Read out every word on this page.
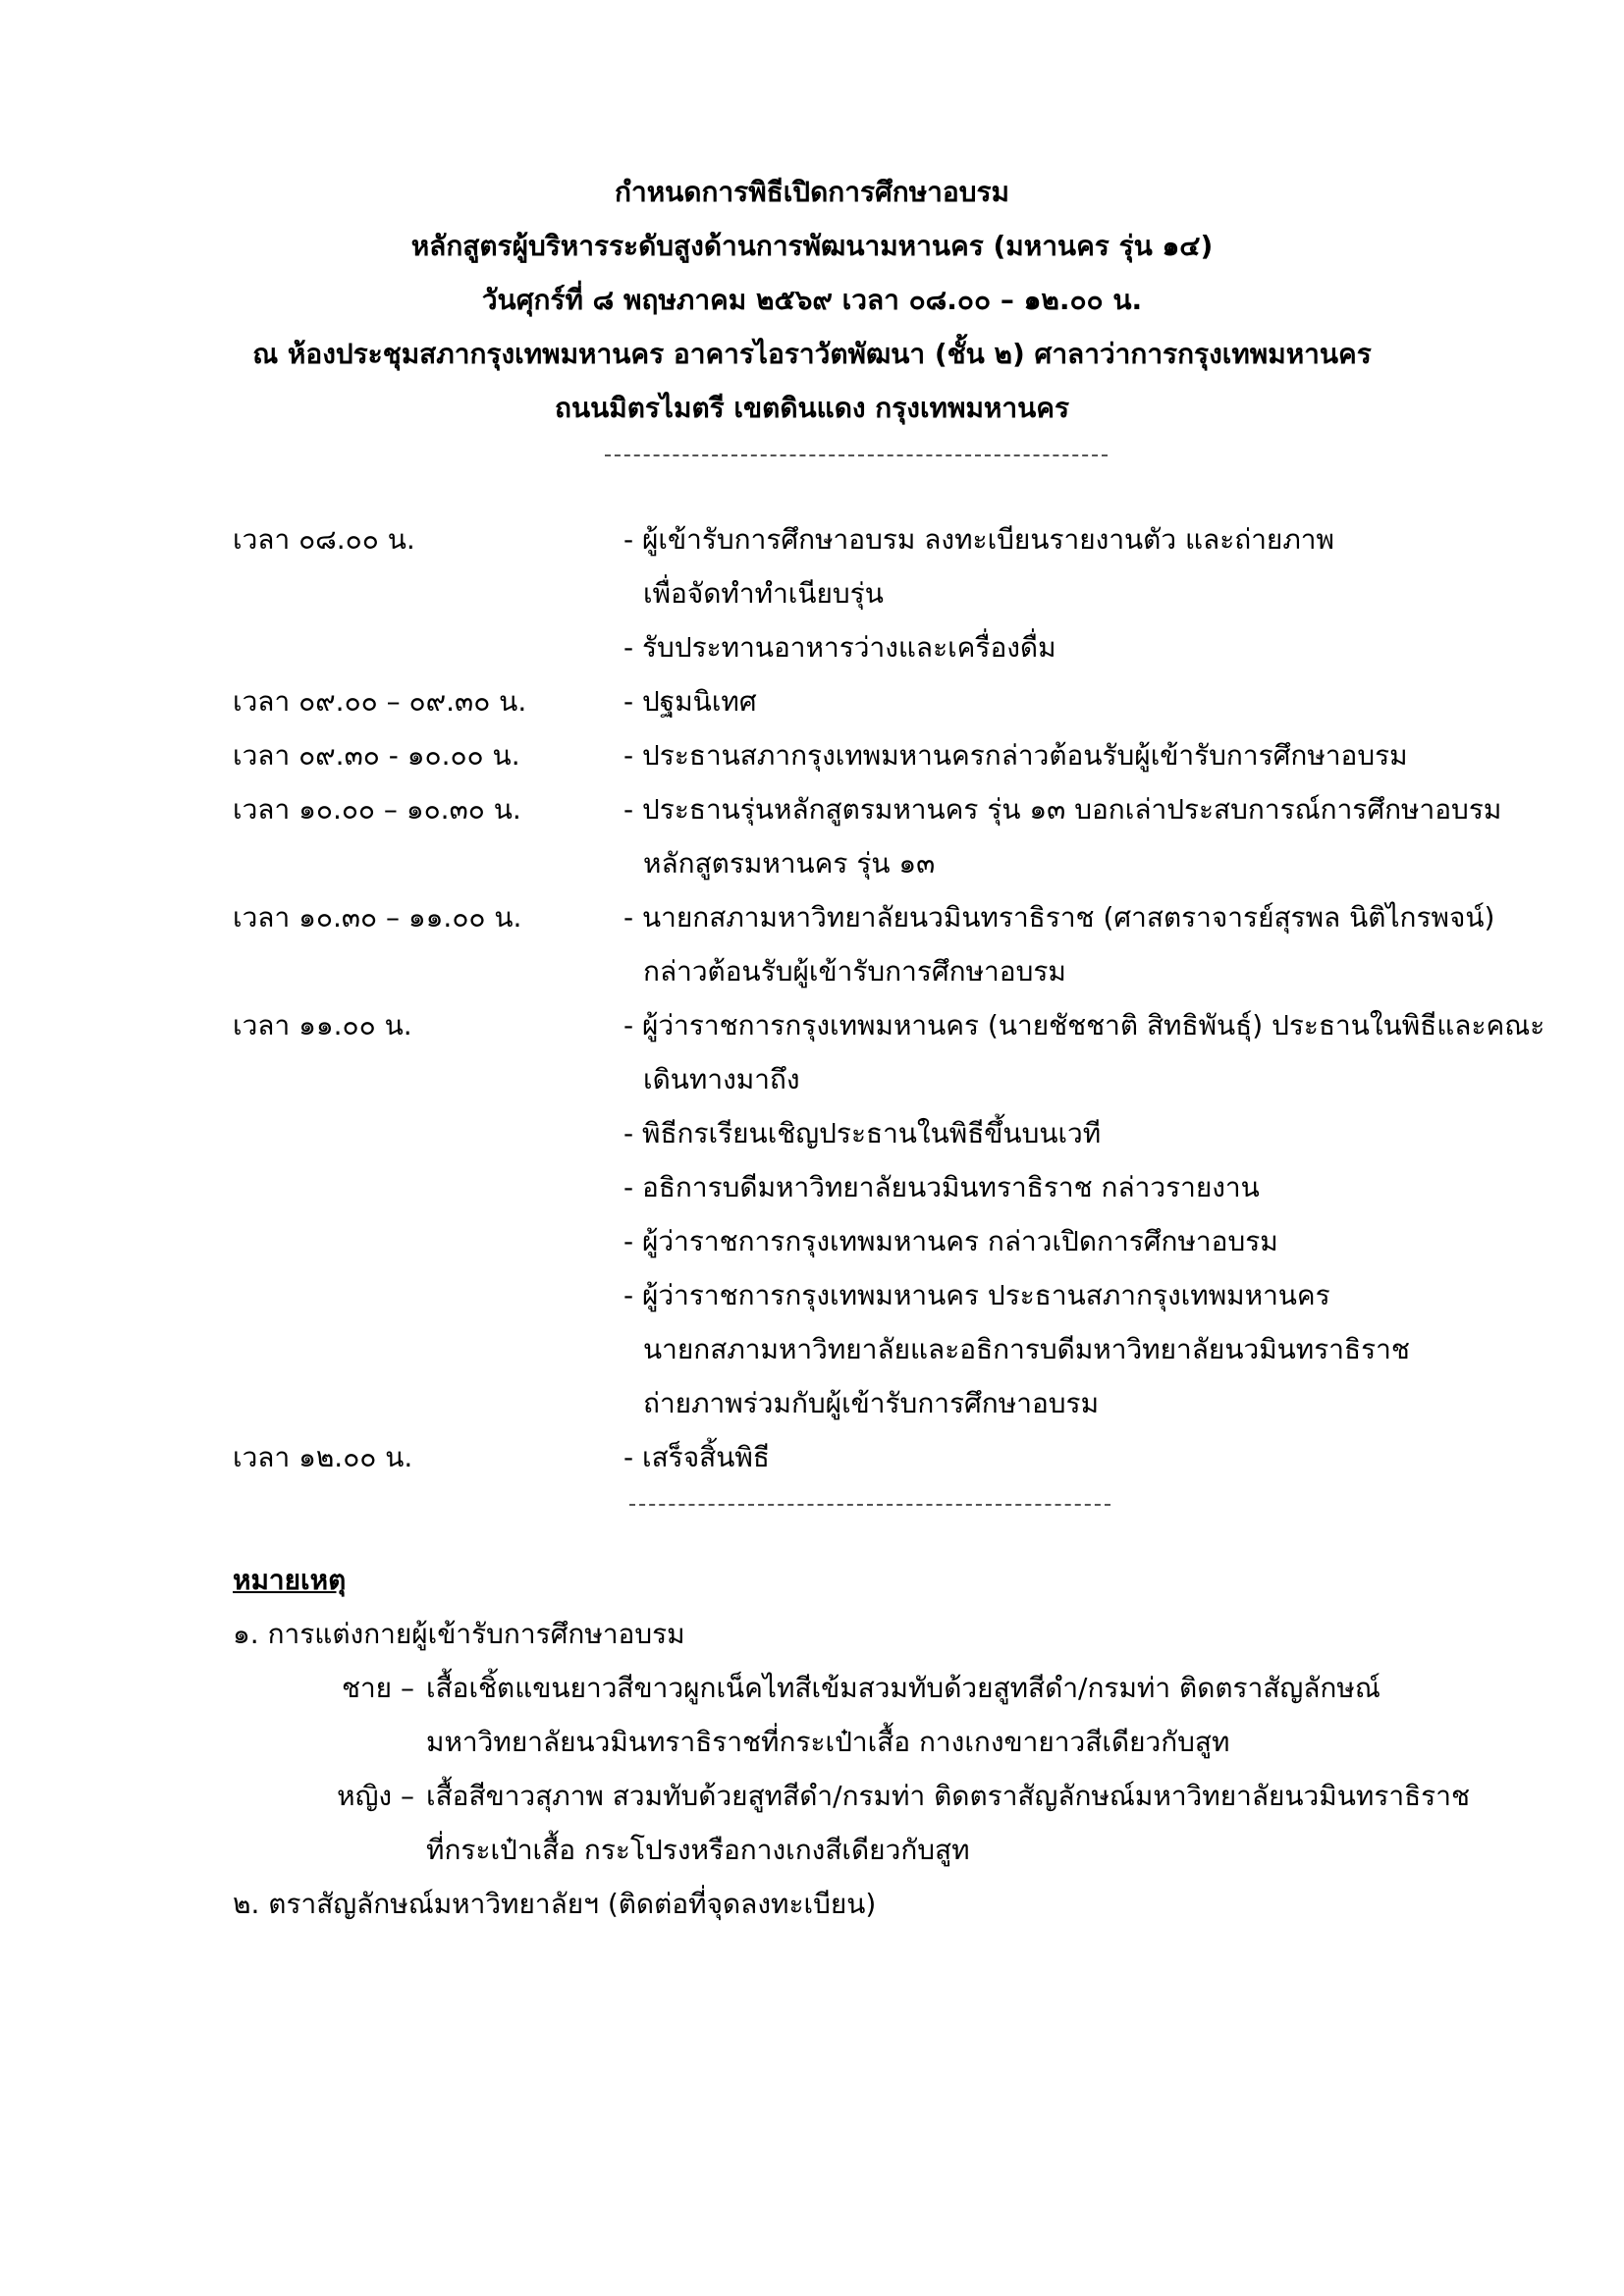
กำหนดการพิธีเปิดการศึกษาอบรม
หลักสูตรผู้บริหารระดับสูงด้านการพัฒนามหานคร (มหานคร รุ่น ๑๔)
วันศุกร์ที่ ๘ พฤษภาคม ๒๕๖๙ เวลา ๐๘.๐๐ – ๑๒.๐๐ น.
ณ ห้องประชุมสภากรุงเทพมหานคร อาคารไอราวัตพัฒนา (ชั้น ๒) ศาลาว่าการกรุงเทพมหานคร
ถนนมิตรไมตรี เขตดินแดง กรุงเทพมหานคร
เวลา ๐๘.๐๐ น.	- ผู้เข้ารับการศึกษาอบรม ลงทะเบียนรายงานตัว และถ่ายภาพ
เพื่อจัดทำทำเนียบรุ่น
- รับประทานอาหารว่างและเครื่องดื่ม
เวลา ๐๙.๐๐ – ๐๙.๓๐ น.	- ปฐมนิเทศ
เวลา ๐๙.๓๐ - ๑๐.๐๐ น.	- ประธานสภากรุงเทพมหานครกล่าวต้อนรับผู้เข้ารับการศึกษาอบรม
เวลา ๑๐.๐๐ – ๑๐.๓๐ น.	- ประธานรุ่นหลักสูตรมหานคร รุ่น ๑๓ บอกเล่าประสบการณ์การศึกษาอบรม
หลักสูตรมหานคร รุ่น ๑๓
เวลา ๑๐.๓๐ – ๑๑.๐๐ น.	- นายกสภามหาวิทยาลัยนวมินทราธิราช (ศาสตราจารย์สุรพล นิติไกรพจน์)
กล่าวต้อนรับผู้เข้ารับการศึกษาอบรม
เวลา ๑๑.๐๐ น.	- ผู้ว่าราชการกรุงเทพมหานคร (นายชัชชาติ สิทธิพันธุ์) ประธานในพิธีและคณะ
เดินทางมาถึง
- พิธีกรเรียนเชิญประธานในพิธีขึ้นบนเวที
- อธิการบดีมหาวิทยาลัยนวมินทราธิราช กล่าวรายงาน
- ผู้ว่าราชการกรุงเทพมหานคร กล่าวเปิดการศึกษาอบรม
- ผู้ว่าราชการกรุงเทพมหานคร ประธานสภากรุงเทพมหานคร
นายกสภามหาวิทยาลัยและอธิการบดีมหาวิทยาลัยนวมินทราธิราช
ถ่ายภาพร่วมกับผู้เข้ารับการศึกษาอบรม
เวลา ๑๒.๐๐ น.	- เสร็จสิ้นพิธี
หมายเหตุ
๑. การแต่งกายผู้เข้ารับการศึกษาอบรม
ชาย – เสื้อเชิ้ตแขนยาวสีขาวผูกเน็คไทสีเข้มสวมทับด้วยสูทสีดำ/กรมท่า ติดตราสัญลักษณ์
มหาวิทยาลัยนวมินทราธิราชที่กระเป๋าเสื้อ กางเกงขายาวสีเดียวกับสูท
หญิง – เสื้อสีขาวสุภาพ สวมทับด้วยสูทสีดำ/กรมท่า ติดตราสัญลักษณ์มหาวิทยาลัยนวมินทราธิราช
ที่กระเป๋าเสื้อ กระโปรงหรือกางเกงสีเดียวกับสูท
๒. ตราสัญลักษณ์มหาวิทยาลัยฯ (ติดต่อที่จุดลงทะเบียน)
